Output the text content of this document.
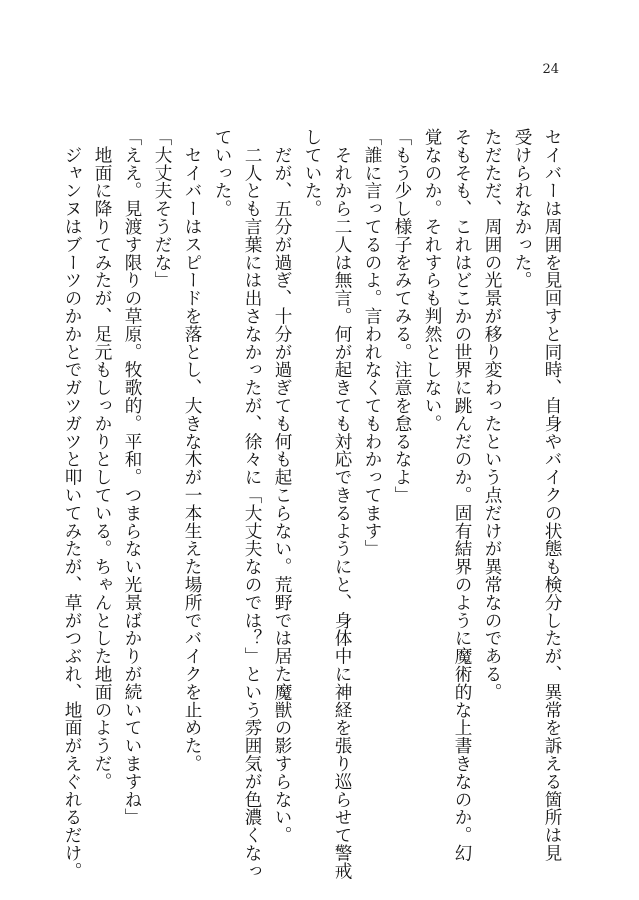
24
セイバーは周囲を見回すと同時、自身やバイクの状態も検分したが、異常を訴える箇所は見
受けられなかった。
ただただ、周囲の光景が移り変わったという点だけが異常なのである。
そもそも、これはどこかの世界に跳んだのか。固有結界のように魔術的な上書きなのか。幻
覚なのか。それすらも判然としない。
「もう少し様子をみてみる。注意を怠るなよ」
「誰に言ってるのよ。言われなくてもわかってます」
　それから二人は無言。何が起きても対応できるようにと、身体中に神経を張り巡らせて警戒
していた。
　だが、五分が過ぎ、十分が過ぎても何も起こらない。荒野では居た魔獣の影すらない。
　二人とも言葉には出さなかったが、徐々に「大丈夫なのでは？」という雰囲気が色濃くなっ
ていった。
　セイバーはスピードを落とし、大きな木が一本生えた場所でバイクを止めた。
「大丈夫そうだな」
「ええ。見渡す限りの草原。牧歌的。平和。つまらない光景ばかりが続いていますね」
　地面に降りてみたが、足元もしっかりとしている。ちゃんとした地面のようだ。
　ジャンヌはブーツのかかとでガツガツと叩いてみたが、草がつぶれ、地面がえぐれるだけ。
